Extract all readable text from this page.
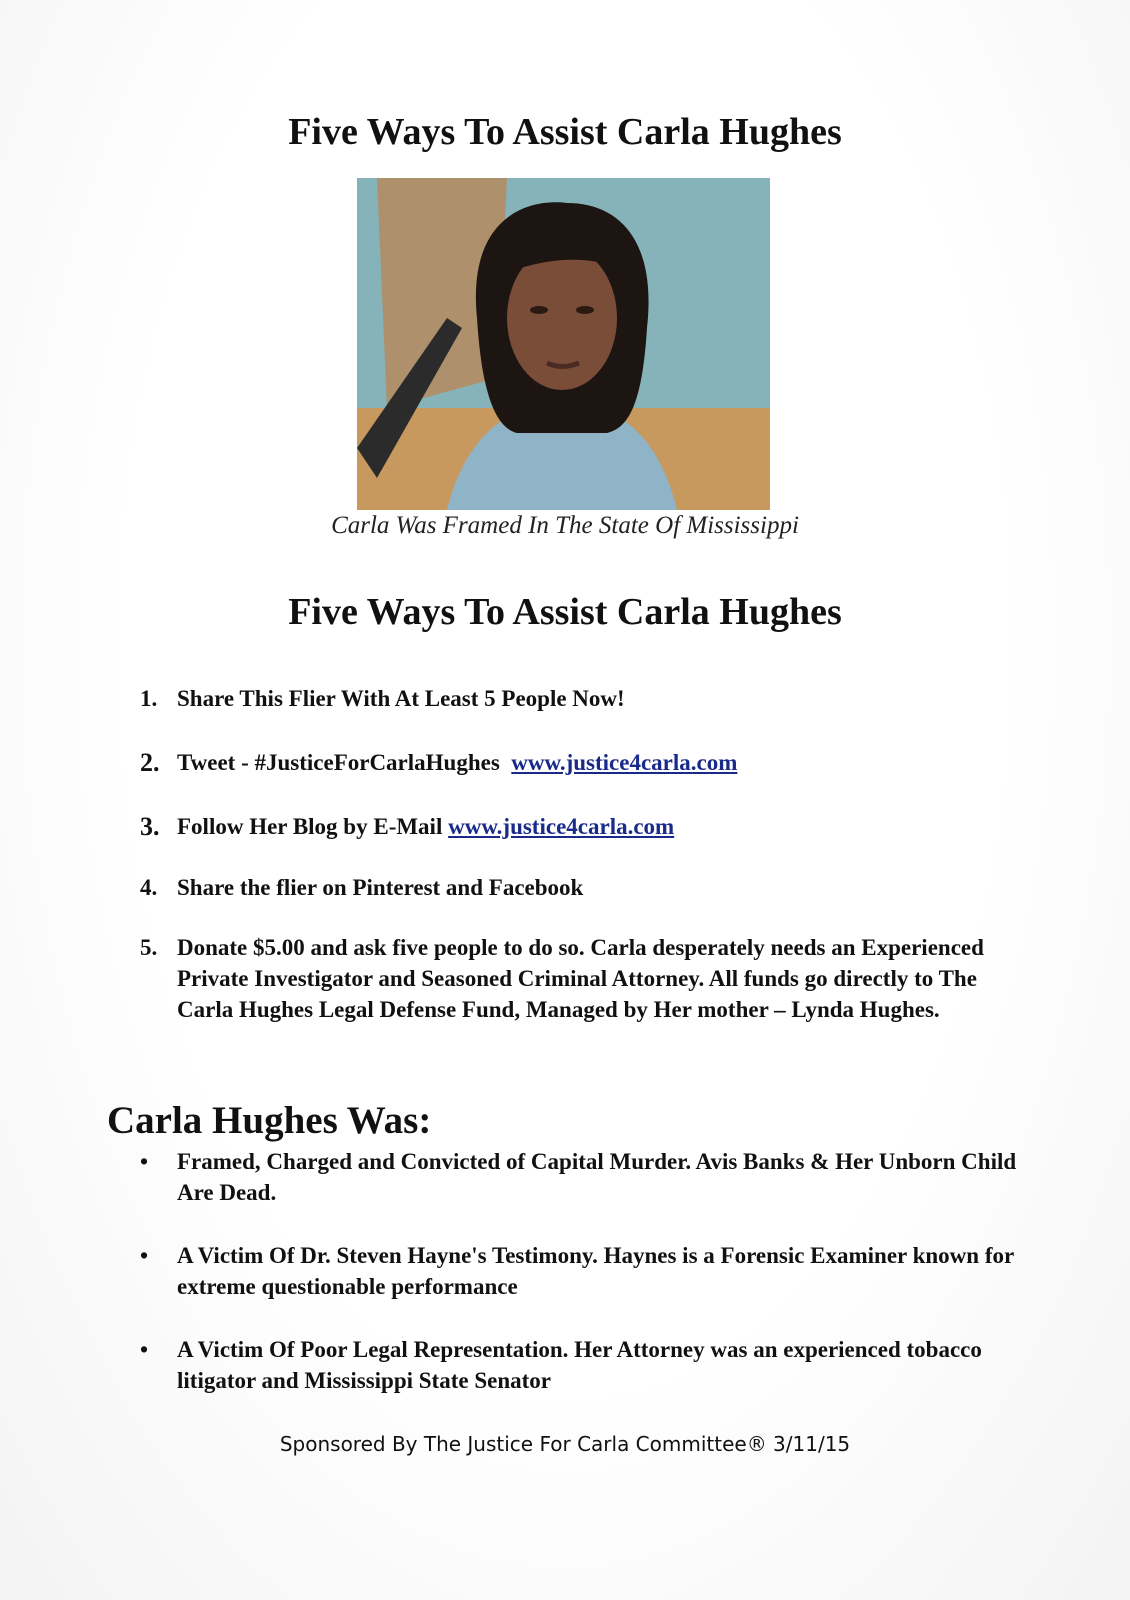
Five Ways To Assist Carla Hughes
Carla Was Framed In The State Of Mississippi
Five Ways To Assist Carla Hughes
1. Share This Flier With At Least 5 People Now!
2. Tweet - #JusticeForCarlaHughes www.justice4carla.com
3. Follow Her Blog by E-Mail www.justice4carla.com
4. Share the flier on Pinterest and Facebook
5. Donate $5.00 and ask five people to do so. Carla desperately needs an Experienced Private Investigator and Seasoned Criminal Attorney. All funds go directly to The Carla Hughes Legal Defense Fund, Managed by Her mother – Lynda Hughes.
Carla Hughes Was:
• Framed, Charged and Convicted of Capital Murder. Avis Banks & Her Unborn Child Are Dead.
• A Victim Of Dr. Steven Hayne's Testimony. Haynes is a Forensic Examiner known for extreme questionable performance
• A Victim Of Poor Legal Representation. Her Attorney was an experienced tobacco litigator and Mississippi State Senator
Sponsored By The Justice For Carla Committee® 3/11/15
